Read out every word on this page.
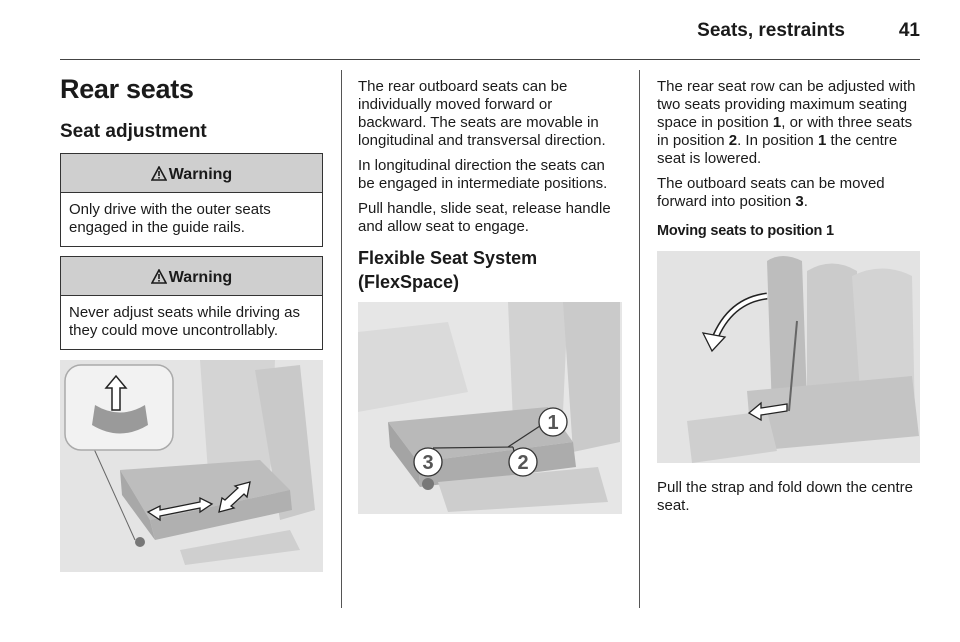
Seats, restraints	41
Rear seats
Seat adjustment
Warning
Only drive with the outer seats engaged in the guide rails.
Warning
Never adjust seats while driving as they could move uncontrollably.

The rear outboard seats can be individually moved forward or backward. The seats are movable in longitudinal and transversal direction.

In longitudinal direction the seats can be engaged in intermediate positions.

Pull handle, slide seat, release handle and allow seat to engage.

Flexible Seat System (FlexSpace)
1
2
3

The rear seat row can be adjusted with two seats providing maximum seating space in position 1, or with three seats in position 2. In position 1 the centre seat is lowered.

The outboard seats can be moved forward into position 3.

Moving seats to position 1

Pull the strap and fold down the centre seat.
